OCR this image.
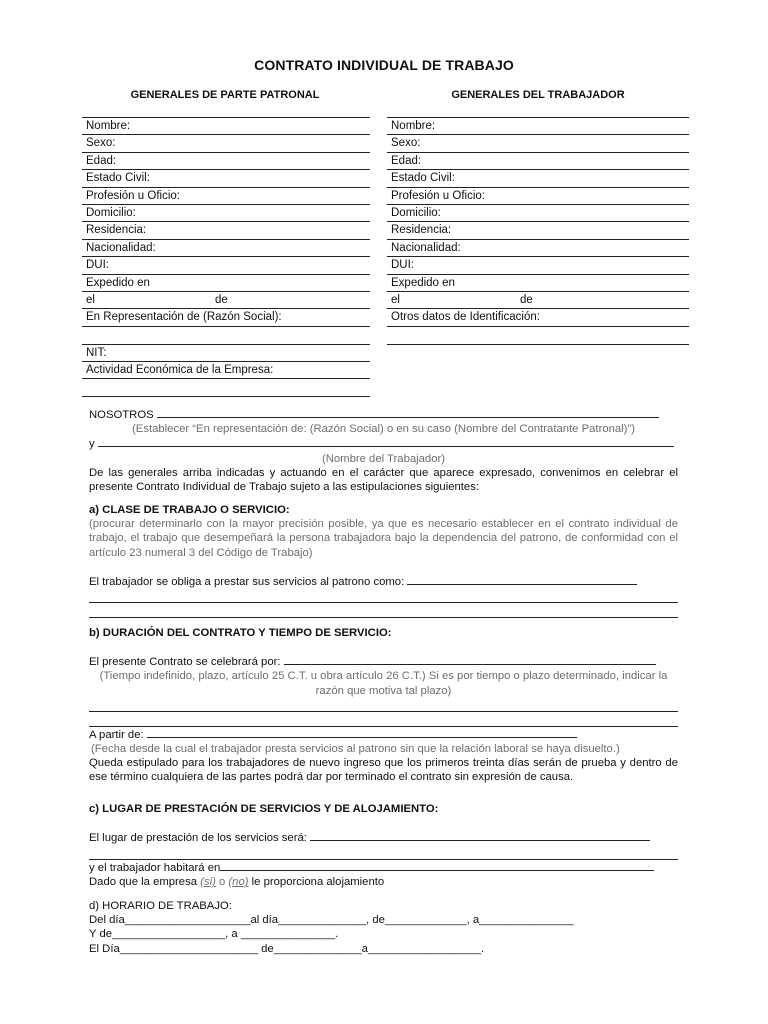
CONTRATO INDIVIDUAL DE TRABAJO
GENERALES DE PARTE PATRONAL	GENERALES DEL TRABAJADOR
Nombre:
Sexo:
Edad:
Estado Civil:
Profesión u Oficio:
Domicilio:
Residencia:
Nacionalidad:
DUI:
Expedido en
el	de
En Representación de (Razón Social):
NIT:
Actividad Económica de la Empresa:
Nombre:
Sexo:
Edad:
Estado Civil:
Profesión u Oficio:
Domicilio:
Residencia:
Nacionalidad:
DUI:
Expedido en
el	de
Otros datos de Identificación:
NOSOTROS
(Establecer “En representación de: (Razón Social) o en su caso (Nombre del Contratante Patronal)”)
y
(Nombre del Trabajador)
De las generales arriba indicadas y actuando en el carácter que aparece expresado, convenimos en celebrar el presente Contrato Individual de Trabajo sujeto a las estipulaciones siguientes:
a) CLASE DE TRABAJO O SERVICIO:
(procurar determinarlo con la mayor precisión posible, ya que es necesario establecer en el contrato individual de trabajo, el trabajo que desempeñará la persona trabajadora bajo la dependencia del patrono, de conformidad con el artículo 23 numeral 3 del Código de Trabajo)
El trabajador se obliga a prestar sus servicios al patrono como:
b) DURACIÓN DEL CONTRATO Y TIEMPO DE SERVICIO:
El presente Contrato se celebrará por:
(Tiempo indefinido, plazo, artículo 25 C.T. u obra artículo 26 C.T.) Si es por tiempo o plazo determinado, indicar la razón que motiva tal plazo)
A partir de:
(Fecha desde la cual el trabajador presta servicios al patrono sin que la relación laboral se haya disuelto.)
Queda estipulado para los trabajadores de nuevo ingreso que los primeros treinta días serán de prueba y dentro de ese término cualquiera de las partes podrá dar por terminado el contrato sin expresión de causa.
c) LUGAR DE PRESTACIÓN DE SERVICIOS Y DE ALOJAMIENTO:
El lugar de prestación de los servicios será:
y el trabajador habitará en
Dado que la empresa (si) o (no) le proporciona alojamiento
d) HORARIO DE TRABAJO:
Del día____________________al día______________, de_____________, a_______________
Y de__________________, a _______________.
El Día______________________ de______________a__________________.
